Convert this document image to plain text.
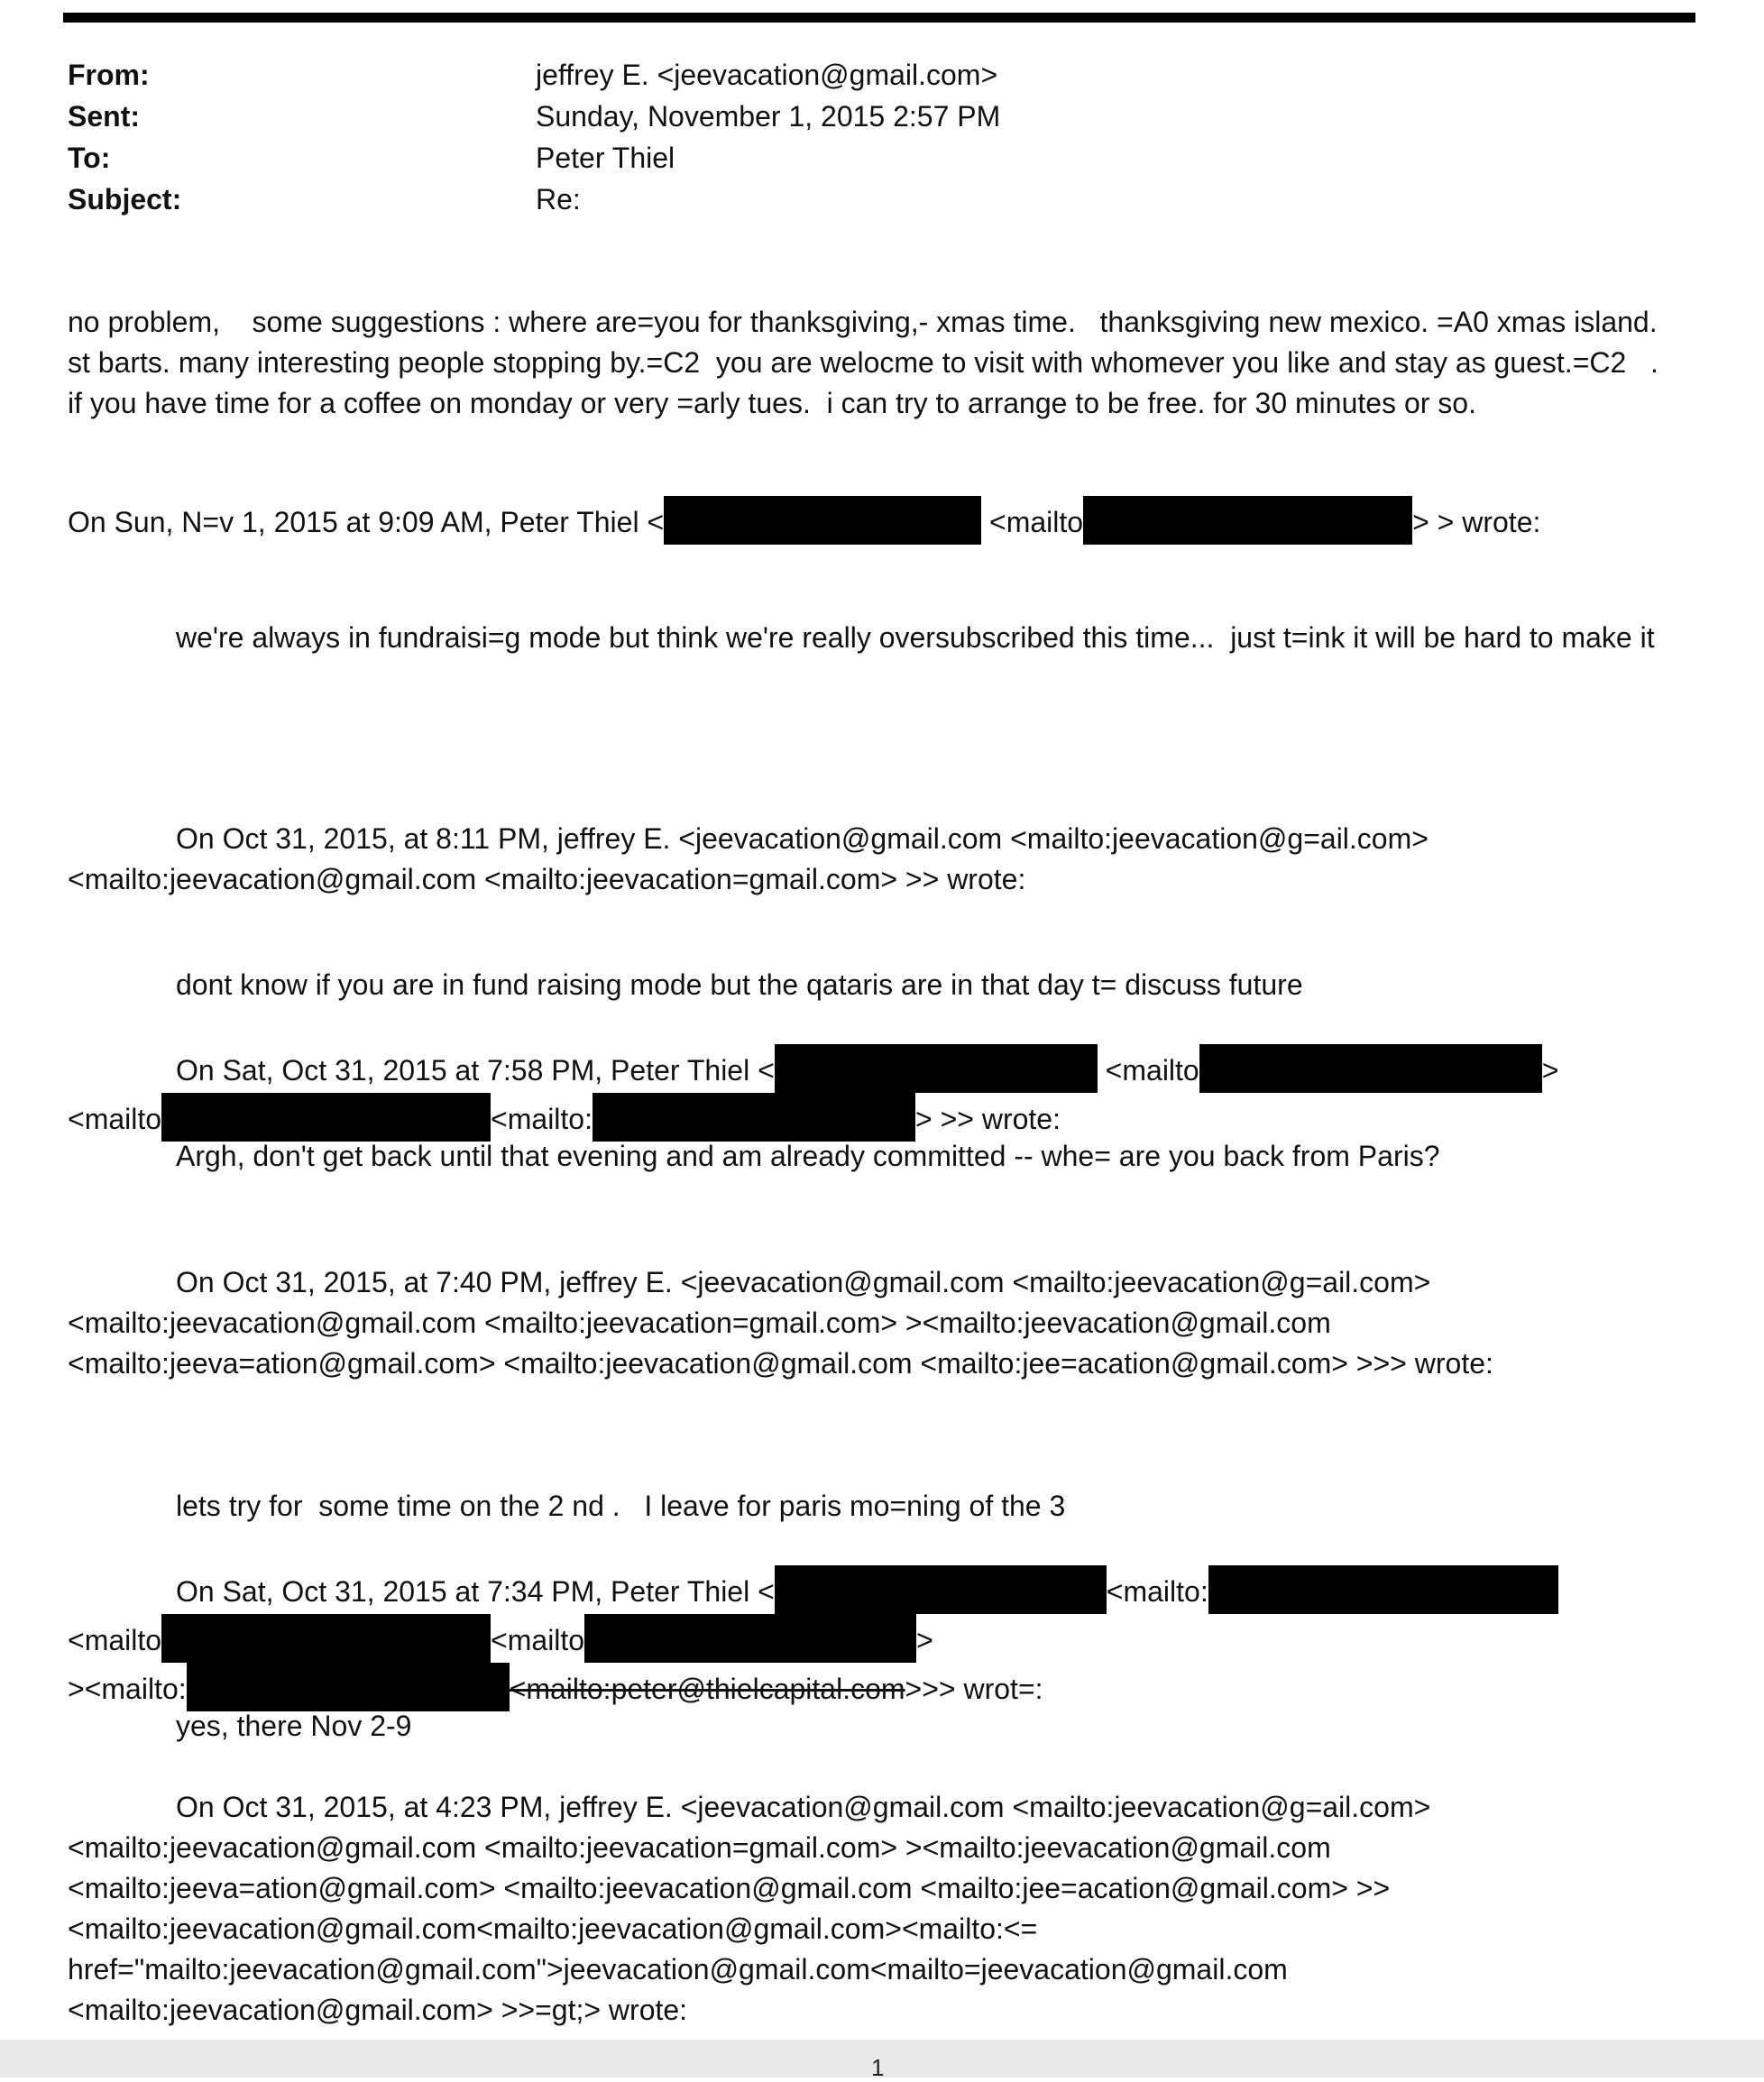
From:	jeffrey E. <jeevacation@gmail.com>
Sent:	Sunday, November 1, 2015 2:57 PM
To:	Peter Thiel
Subject:	Re:

no problem,    some suggestions : where are=you for thanksgiving,- xmas time.   thanksgiving new mexico. =A0 xmas island.  st barts. many interesting people stopping by.=C2  you are welocme to visit with whomever you like and stay as guest.=C2   .   if you have time for a coffee on monday or very =arly tues.  i can try to arrange to be free. for 30 minutes or so.

On Sun, N=v 1, 2015 at 9:09 AM, Peter Thiel <	<mailto	> > wrote:

we're always in fundraisi=g mode but think we're really oversubscribed this time...  just t=ink it will be hard to make it

On Oct 31, 2015, at 8:11 PM, jeffrey E. <jeevacation@gmail.com <mailto:jeevacation@g=ail.com> <mailto:jeevacation@gmail.com <mailto:jeevacation=gmail.com> >> wrote:

dont know if you are in fund raising mode but the qataris are in that day t= discuss future

On Sat, Oct 31, 2015 at 7:58 PM, Peter Thiel <	<mailto	>

<mailto	<mailto:	> >> wrote:

Argh, don't get back until that evening and am already committed -- whe= are you back from Paris?

On Oct 31, 2015, at 7:40 PM, jeffrey E. <jeevacation@gmail.com <mailto:jeevacation@g=ail.com> <mailto:jeevacation@gmail.com <mailto:jeevacation=gmail.com> ><mailto:jeevacation@gmail.com <mailto:jeeva=ation@gmail.com> <mailto:jeevacation@gmail.com <mailto:jee=acation@gmail.com> >>> wrote:

lets try for  some time on the 2 nd .   I leave for paris mo=ning of the 3

On Sat, Oct 31, 2015 at 7:34 PM, Peter Thiel <	<mailto:

<mailto	<mailto	>

><mailto:	<mailto:peter@thielcapital.com>>> wrot=:

yes, there Nov 2-9

On Oct 31, 2015, at 4:23 PM, jeffrey E. <jeevacation@gmail.com <mailto:jeevacation@g=ail.com> <mailto:jeevacation@gmail.com <mailto:jeevacation=gmail.com> ><mailto:jeevacation@gmail.com <mailto:jeeva=ation@gmail.com> <mailto:jeevacation@gmail.com <mailto:jee=acation@gmail.com> >><mailto:jeevacation@gmail.com<mailto:jeevacation@gmail.com><mailto:<= href="mailto:jeevacation@gmail.com">jeevacation@gmail.com<mailto=jeevacation@gmail.com <mailto:jeevacation@gmail.com> >>=gt;> wrote:

1
